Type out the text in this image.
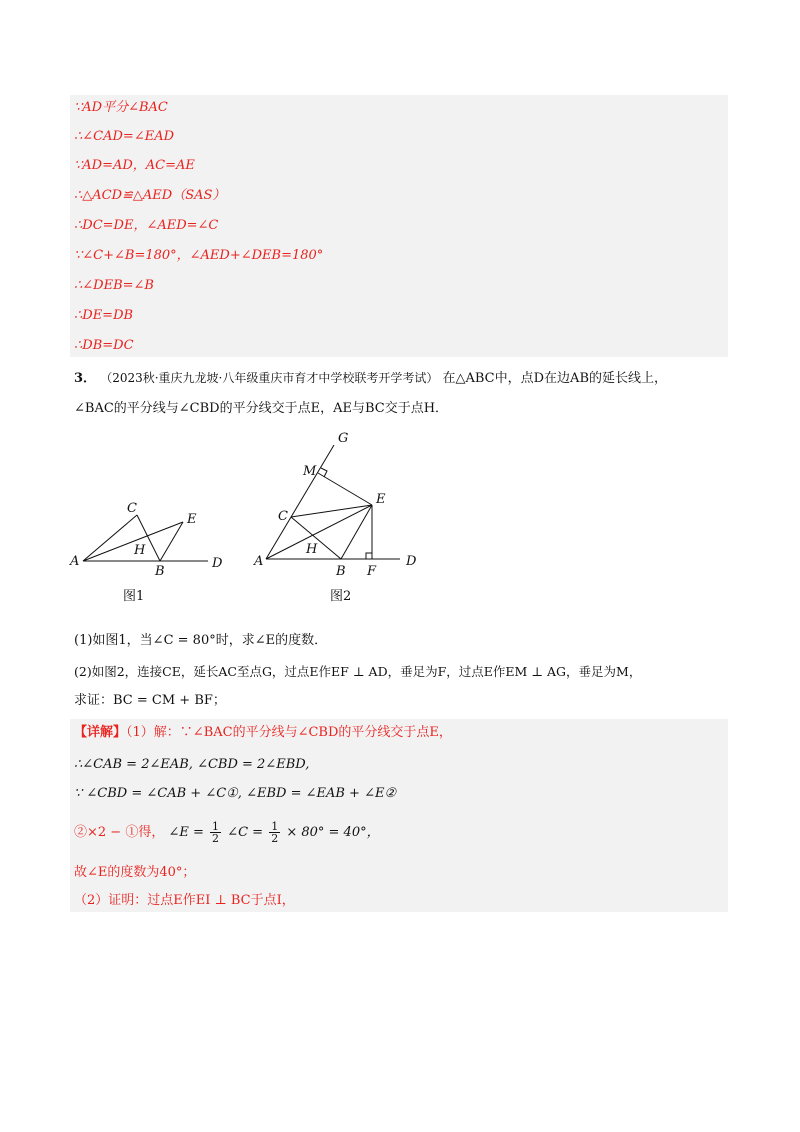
∵AD平分∠BAC
∴∠CAD=∠EAD
∵AD=AD，AC=AE
∴△ACD≌△AED（SAS）
∴DC=DE，∠AED=∠C
∵∠C+∠B=180°，∠AED+∠DEB=180°
∴∠DEB=∠B
∴DE=DB
∴DB=DC
3． （2023秋·重庆九龙坡·八年级重庆市育才中学校联考开学考试） 在△ABC中，点D在边AB的延长线上，
∠BAC的平分线与∠CBD的平分线交于点E，AE与BC交于点H．
C
E
H
A
B
D
G
M
E
C
H
A
B F
D
图1	图2
(1)如图1，当∠C = 80°时，求∠E的度数．
(2)如图2，连接CE，延长AC至点G，过点E作EF ⊥ AD，垂足为F，过点E作EM ⊥ AG，垂足为M，
求证：BC = CM + BF；
【详解】（1）解：∵∠BAC的平分线与∠CBD的平分线交于点E，
∴∠CAB = 2∠EAB, ∠CBD = 2∠EBD,
∵ ∠CBD = ∠CAB + ∠C①, ∠EBD = ∠EAB + ∠E②
②×2 − ①得， ∠E = $\frac{1}{2}$ ∠C = $\frac{1}{2} \times 80^\circ = 40^\circ$，
故∠E的度数为40°；
（2）证明：过点E作EI ⊥ BC于点I，
